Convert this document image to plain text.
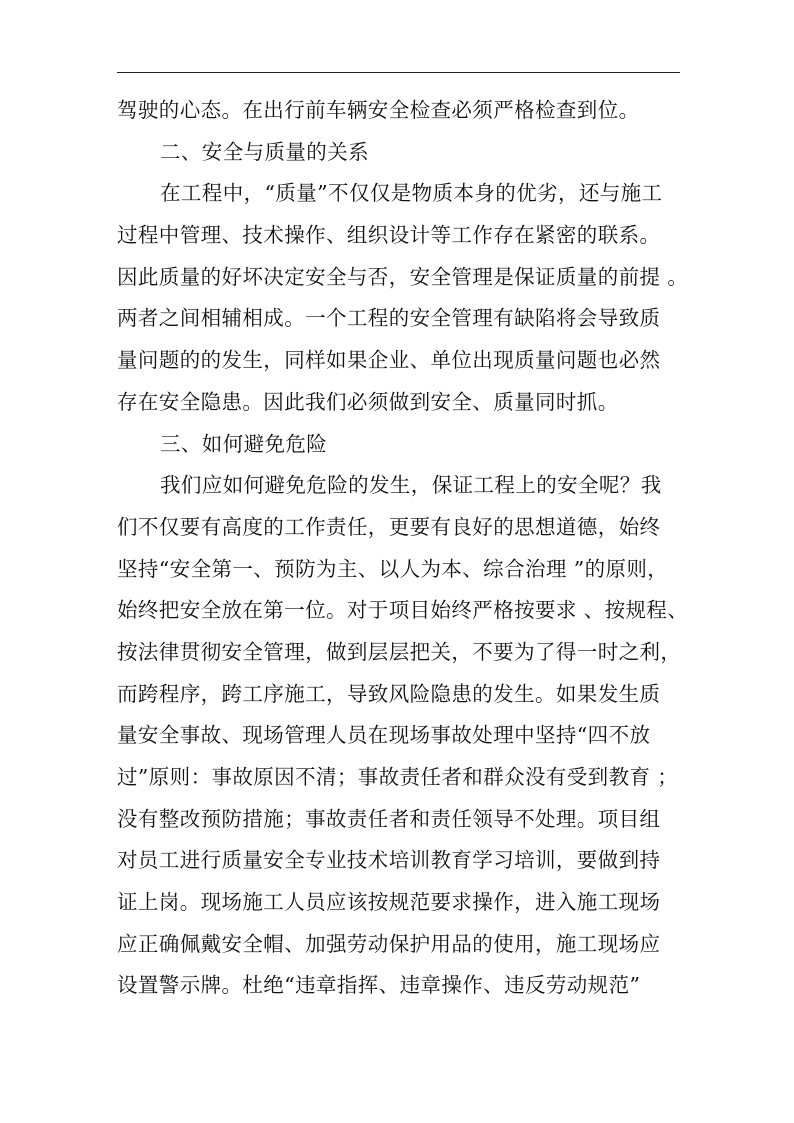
驾驶的心态。在出行前车辆安全检查必须严格检查到位。
二、安全与质量的关系
在工程中，“质量”不仅仅是物质本身的优劣，还与施工
过程中管理、技术操作、组织设计等工作存在紧密的联系。
因此质量的好坏决定安全与否，安全管理是保证质量的前提 。
两者之间相辅相成。一个工程的安全管理有缺陷将会导致质
量问题的的发生，同样如果企业、单位出现质量问题也必然
存在安全隐患。因此我们必须做到安全、质量同时抓。
三、如何避免危险
我们应如何避免危险的发生，保证工程上的安全呢？我
们不仅要有高度的工作责任，更要有良好的思想道德，始终
坚持“安全第一、预防为主、以人为本、综合治理 ”的原则，
始终把安全放在第一位。对于项目始终严格按要求 、按规程、
按法律贯彻安全管理，做到层层把关，不要为了得一时之利，
而跨程序，跨工序施工，导致风险隐患的发生。如果发生质
量安全事故、现场管理人员在现场事故处理中坚持“四不放
过”原则：事故原因不清；事故责任者和群众没有受到教育 ；
没有整改预防措施；事故责任者和责任领导不处理。项目组
对员工进行质量安全专业技术培训教育学习培训，要做到持
证上岗。现场施工人员应该按规范要求操作，进入施工现场
应正确佩戴安全帽、加强劳动保护用品的使用，施工现场应
设置警示牌。杜绝“违章指挥、违章操作、违反劳动规范”
